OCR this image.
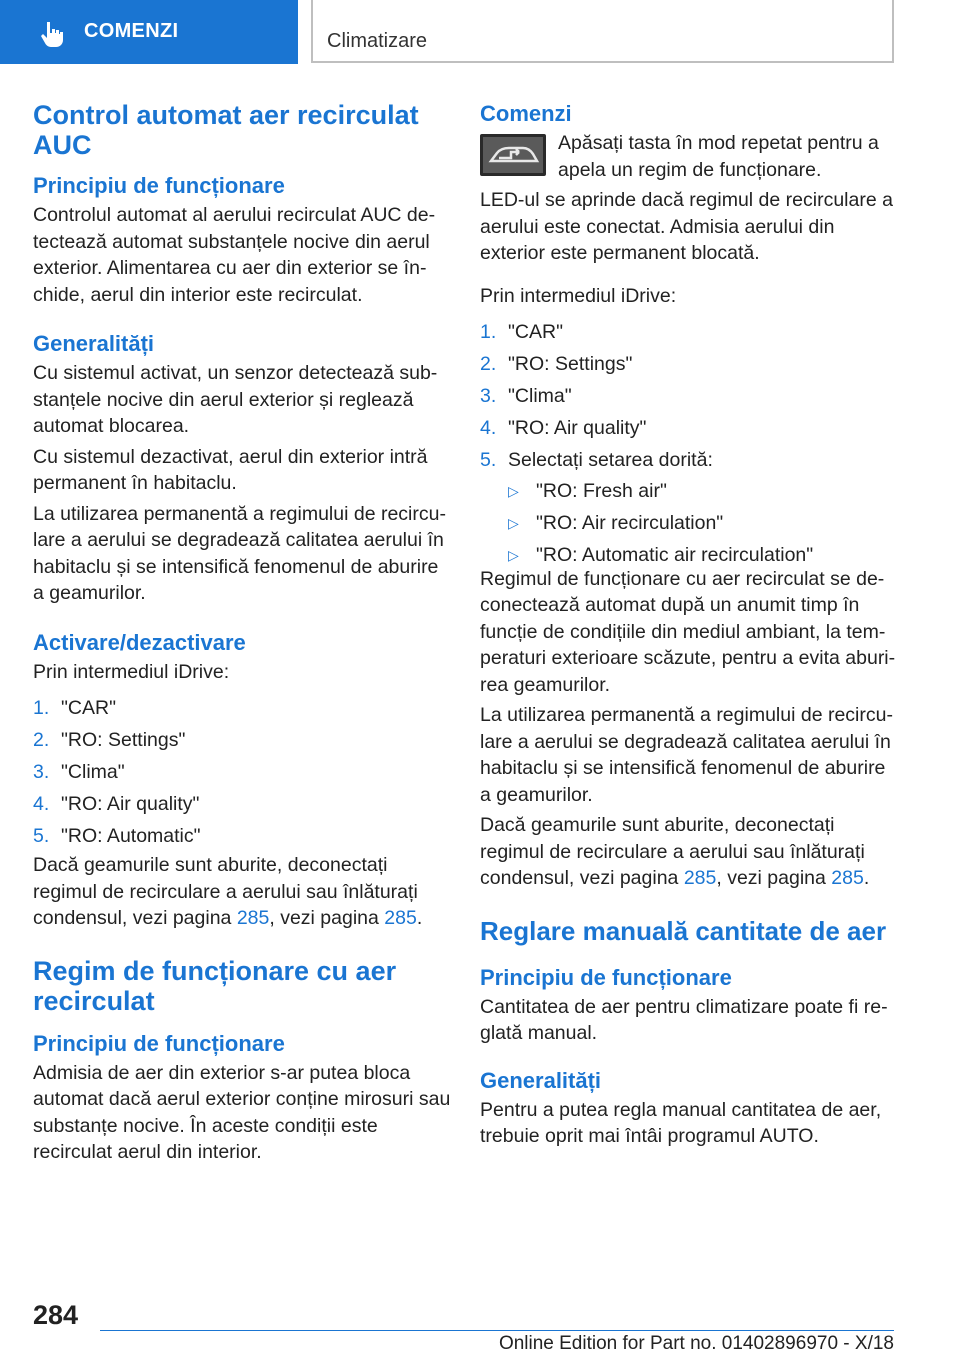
COMENZI	Climatizare
Control automat aer recirculat AUC
Principiu de funcționare

Controlul automat al aerului recirculat AUC detectează automat substanțele nocive din aerul exterior. Alimentarea cu aer din exterior se închide, aerul din interior este recirculat.

Generalități

Cu sistemul activat, un senzor detectează substanțele nocive din aerul exterior și reglează automat blocarea.

Cu sistemul dezactivat, aerul din exterior intră permanent în habitaclu.

La utilizarea permanentă a regimului de recirculare a aerului se degradează calitatea aerului în habitaclu și se intensifică fenomenul de aburire a geamurilor.

Activare/dezactivare

Prin intermediul iDrive:

1. "CAR"
2. "RO: Settings"
3. "Clima"
4. "RO: Air quality"
5. "RO: Automatic"

Dacă geamurile sunt aburite, deconectați regimul de recirculare a aerului sau înlăturați condensul, vezi pagina 285, vezi pagina 285.

Regim de funcționare cu aer recirculat
Principiu de funcționare

Admisia de aer din exterior s-ar putea bloca automat dacă aerul exterior conține mirosuri sau substanțe nocive. În aceste condiții este recirculat aerul din interior.

Comenzi

Apăsați tasta în mod repetat pentru a apela un regim de funcționare.

LED-ul se aprinde dacă regimul de recirculare a aerului este conectat. Admisia aerului din exterior este permanent blocată.

Prin intermediul iDrive:

1. "CAR"
2. "RO: Settings"
3. "Clima"
4. "RO: Air quality"
5. Selectați setarea dorită:
▷ "RO: Fresh air"
▷ "RO: Air recirculation"
▷ "RO: Automatic air recirculation"

Regimul de funcționare cu aer recirculat se deconectează automat după un anumit timp în funcție de condițiile din mediul ambiant, la temperaturi exterioare scăzute, pentru a evita aburirea geamurilor.

La utilizarea permanentă a regimului de recirculare a aerului se degradează calitatea aerului în habitaclu și se intensifică fenomenul de aburire a geamurilor.

Dacă geamurile sunt aburite, deconectați regimul de recirculare a aerului sau înlăturați condensul, vezi pagina 285, vezi pagina 285.

Reglare manuală cantitate de aer
Principiu de funcționare

Cantitatea de aer pentru climatizare poate fi reglată manual.

Generalități

Pentru a putea regla manual cantitatea de aer, trebuie oprit mai întâi programul AUTO.

284
Online Edition for Part no. 01402896970 - X/18
